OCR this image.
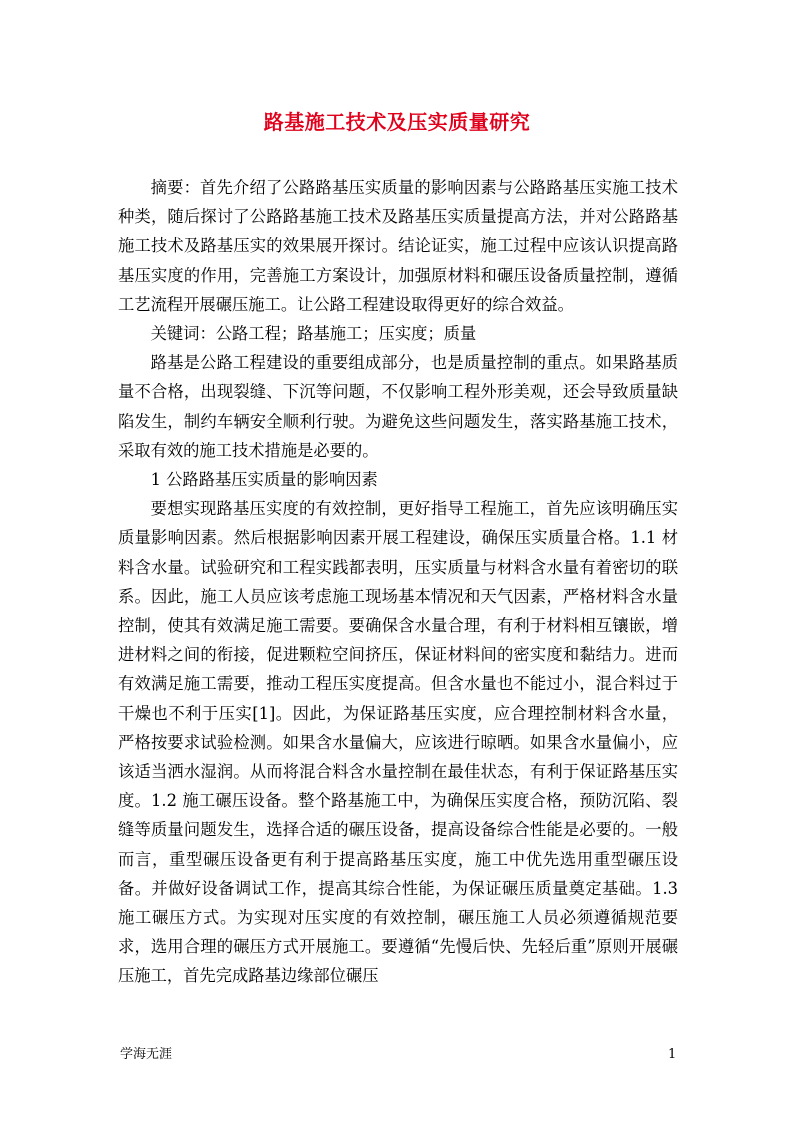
路基施工技术及压实质量研究

摘要：首先介绍了公路路基压实质量的影响因素与公路路基压实施工技术种类，随后探讨了公路路基施工技术及路基压实质量提高方法，并对公路路基施工技术及路基压实的效果展开探讨。结论证实，施工过程中应该认识提高路基压实度的作用，完善施工方案设计，加强原材料和碾压设备质量控制，遵循工艺流程开展碾压施工。让公路工程建设取得更好的综合效益。

关键词：公路工程；路基施工；压实度；质量

路基是公路工程建设的重要组成部分，也是质量控制的重点。如果路基质量不合格，出现裂缝、下沉等问题，不仅影响工程外形美观，还会导致质量缺陷发生，制约车辆安全顺利行驶。为避免这些问题发生，落实路基施工技术，采取有效的施工技术措施是必要的。

1 公路路基压实质量的影响因素

要想实现路基压实度的有效控制，更好指导工程施工，首先应该明确压实质量影响因素。然后根据影响因素开展工程建设，确保压实质量合格。1.1 材料含水量。试验研究和工程实践都表明，压实质量与材料含水量有着密切的联系。因此，施工人员应该考虑施工现场基本情况和天气因素，严格材料含水量控制，使其有效满足施工需要。要确保含水量合理，有利于材料相互镶嵌，增进材料之间的衔接，促进颗粒空间挤压，保证材料间的密实度和黏结力。进而有效满足施工需要，推动工程压实度提高。但含水量也不能过小，混合料过于干燥也不利于压实[1]。因此，为保证路基压实度，应合理控制材料含水量，严格按要求试验检测。如果含水量偏大，应该进行晾晒。如果含水量偏小，应该适当洒水湿润。从而将混合料含水量控制在最佳状态，有利于保证路基压实度。1.2 施工碾压设备。整个路基施工中，为确保压实度合格，预防沉陷、裂缝等质量问题发生，选择合适的碾压设备，提高设备综合性能是必要的。一般而言，重型碾压设备更有利于提高路基压实度，施工中优先选用重型碾压设备。并做好设备调试工作，提高其综合性能，为保证碾压质量奠定基础。1.3 施工碾压方式。为实现对压实度的有效控制，碾压施工人员必须遵循规范要求，选用合理的碾压方式开展施工。要遵循“先慢后快、先轻后重”原则开展碾压施工，首先完成路基边缘部位碾压

学海无涯	1
